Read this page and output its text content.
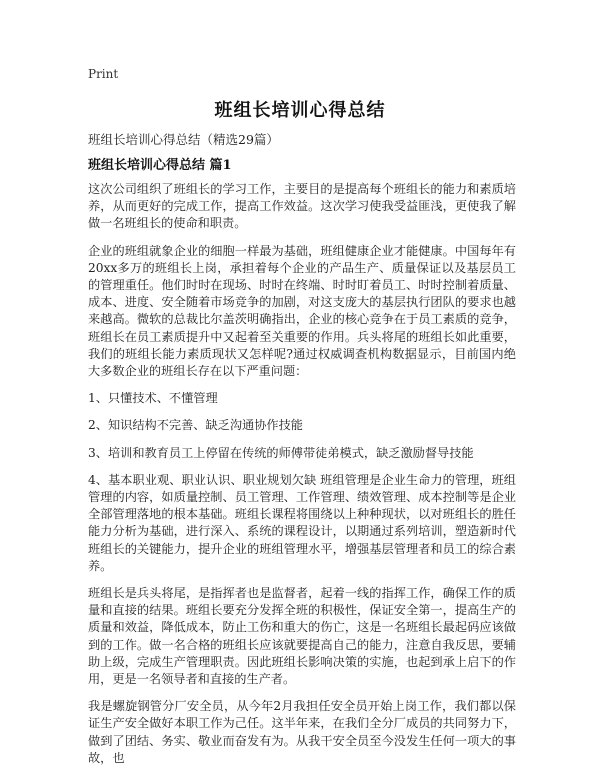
Print
班组长培训心得总结

班组长培训心得总结（精选29篇）

班组长培训心得总结 篇1

这次公司组织了班组长的学习工作，主要目的是提高每个班组长的能力和素质培养，从而更好的完成工作，提高工作效益。这次学习使我受益匪浅，更使我了解做一名班组长的使命和职责。

企业的班组就象企业的细胞一样最为基础，班组健康企业才能健康。中国每年有20xx多万的班组长上岗，承担着每个企业的产品生产、质量保证以及基层员工的管理重任。他们时时在现场、时时在终端、时时盯着员工、时时控制着质量、成本、进度、安全随着市场竞争的加剧，对这支庞大的基层执行团队的要求也越来越高。微软的总裁比尔盖茨明确指出，企业的核心竞争在于员工素质的竞争，班组长在员工素质提升中又起着至关重要的作用。兵头将尾的班组长如此重要，我们的班组长能力素质现状又怎样呢?通过权威调查机构数据显示，目前国内绝大多数企业的班组长存在以下严重问题：

1、只懂技术、不懂管理

2、知识结构不完善、缺乏沟通协作技能

3、培训和教育员工上停留在传统的师傅带徒弟模式，缺乏激励督导技能

4、基本职业观、职业认识、职业规划欠缺 班组管理是企业生命力的管理，班组管理的内容，如质量控制、员工管理、工作管理、绩效管理、成本控制等是企业全部管理落地的根本基础。班组长课程将围绕以上种种现状，以对班组长的胜任能力分析为基础，进行深入、系统的课程设计，以期通过系列培训，塑造新时代班组长的关键能力，提升企业的班组管理水平，增强基层管理者和员工的综合素养。

班组长是兵头将尾，是指挥者也是监督者，起着一线的指挥工作，确保工作的质量和直接的结果。班组长要充分发挥全班的积极性，保证安全第一，提高生产的质量和效益，降低成本，防止工伤和重大的伤亡，这是一名班组长最起码应该做到的工作。做一名合格的班组长应该就要提高自己的能力，注意自我反思，要辅助上级，完成生产管理职责。因此班组长影响决策的实施，也起到承上启下的作用，更是一名领导者和直接的生产者。

我是螺旋钢管分厂安全员，从今年2月我担任安全员开始上岗工作，我们都以保证生产安全做好本职工作为己任。这半年来，在我们全分厂成员的共同努力下，做到了团结、务实、敬业而奋发有为。从我干安全员至今没发生任何一项大的事故，也
